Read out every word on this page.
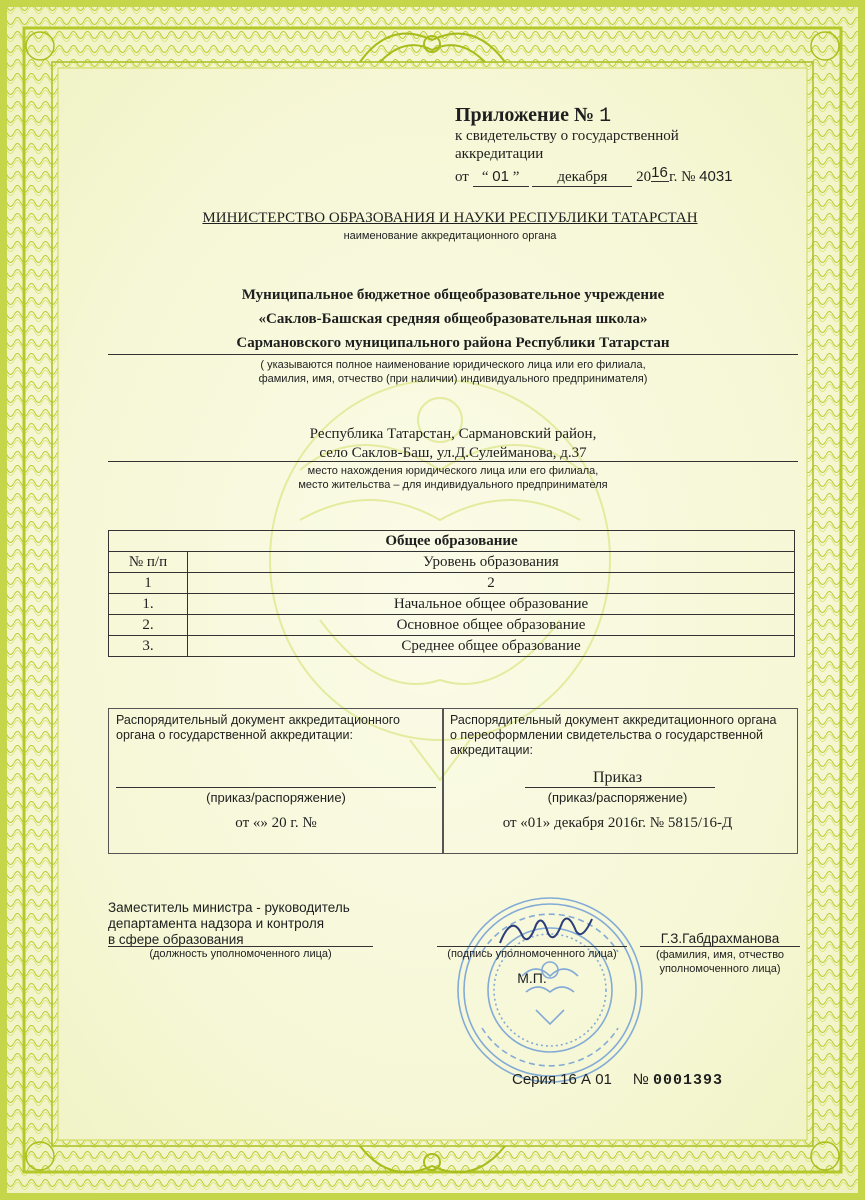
Приложение № 1
к свидетельству о государственной
аккредитации
от “ 01 ”	декабря 2016г. № 4031
МИНИСТЕРСТВО ОБРАЗОВАНИЯ И НАУКИ РЕСПУБЛИКИ ТАТАРСТАН
наименование аккредитационного органа
Муниципальное бюджетное общеобразовательное учреждение
«Саклов-Башская средняя общеобразовательная школа»
Сармановского муниципального района Республики Татарстан
( указываются полное наименование юридического лица или его филиала,
фамилия, имя, отчество (при наличии) индивидуального предпринимателя)
Республика Татарстан, Сармановский район,
село Саклов-Баш, ул.Д.Сулейманова, д.37
место нахождения юридического лица или его филиала,
место жительства – для индивидуального предпринимателя
Общее образование	
№ п/п	Уровень образования
1	2
1.	Начальное общее образование
2.	Основное общее образование
3.	Среднее общее образование
Распорядительный документ аккредитационного органа о государственной аккредитации:
(приказ/распоряжение)
от «» 20 г. №
Распорядительный документ аккредитационного органа о переоформлении свидетельства о государственной аккредитации:
Приказ
(приказ/распоряжение)
от «01» декабря 2016г. № 5815/16-Д
Заместитель министра - руководитель
департамента надзора и контроля
в сфере образования
(должность уполномоченного лица)	(подпись уполномоченного лица)
М.П.
Г.З.Габдрахманова
(фамилия, имя, отчество
уполномоченного лица)
Серия 16 А 01 № 0001393
